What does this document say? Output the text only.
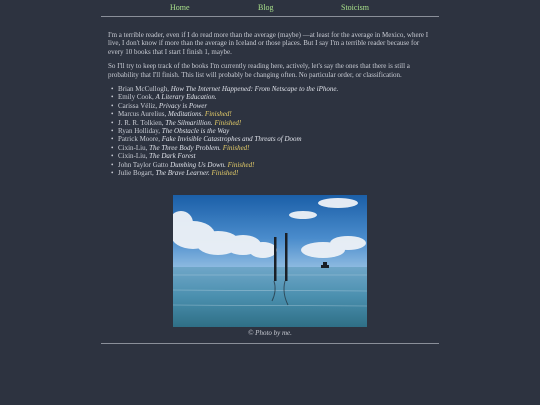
Home	Blog	Stoicism

I'm a terrible reader, even if I do read more than the average (maybe) —at least for the average in Mexico, where I live, I don't know if more than the average in Iceland or those places. But I say I'm a terrible reader because for every 10 books that I start I finish 1, maybe.

So I'll try to keep track of the books I'm currently reading here, actively, let's say the ones that there is still a probability that I'll finish. This list will probably be changing often. No particular order, or classification.

• Brian McCullogh, How The Internet Happened: From Netscape to the iPhone.
• Emily Cook, A Literary Education.
• Carissa Véliz, Privacy is Power
• Marcus Aurelius, Meditations. Finished!
• J. R. R. Tolkien, The Silmarillion. Finished!
• Ryan Holliday, The Obstacle is the Way
• Patrick Moore, Fake Invisible Catastrophes and Threats of Doom
• Cixin-Liu, The Three Body Problem. Finished!
• Cixin-Liu, The Dark Forest
• John Taylor Gatto Dumbing Us Down. Finished!
• Julie Bogart, The Brave Learner. Finished!
© Photo by me.
